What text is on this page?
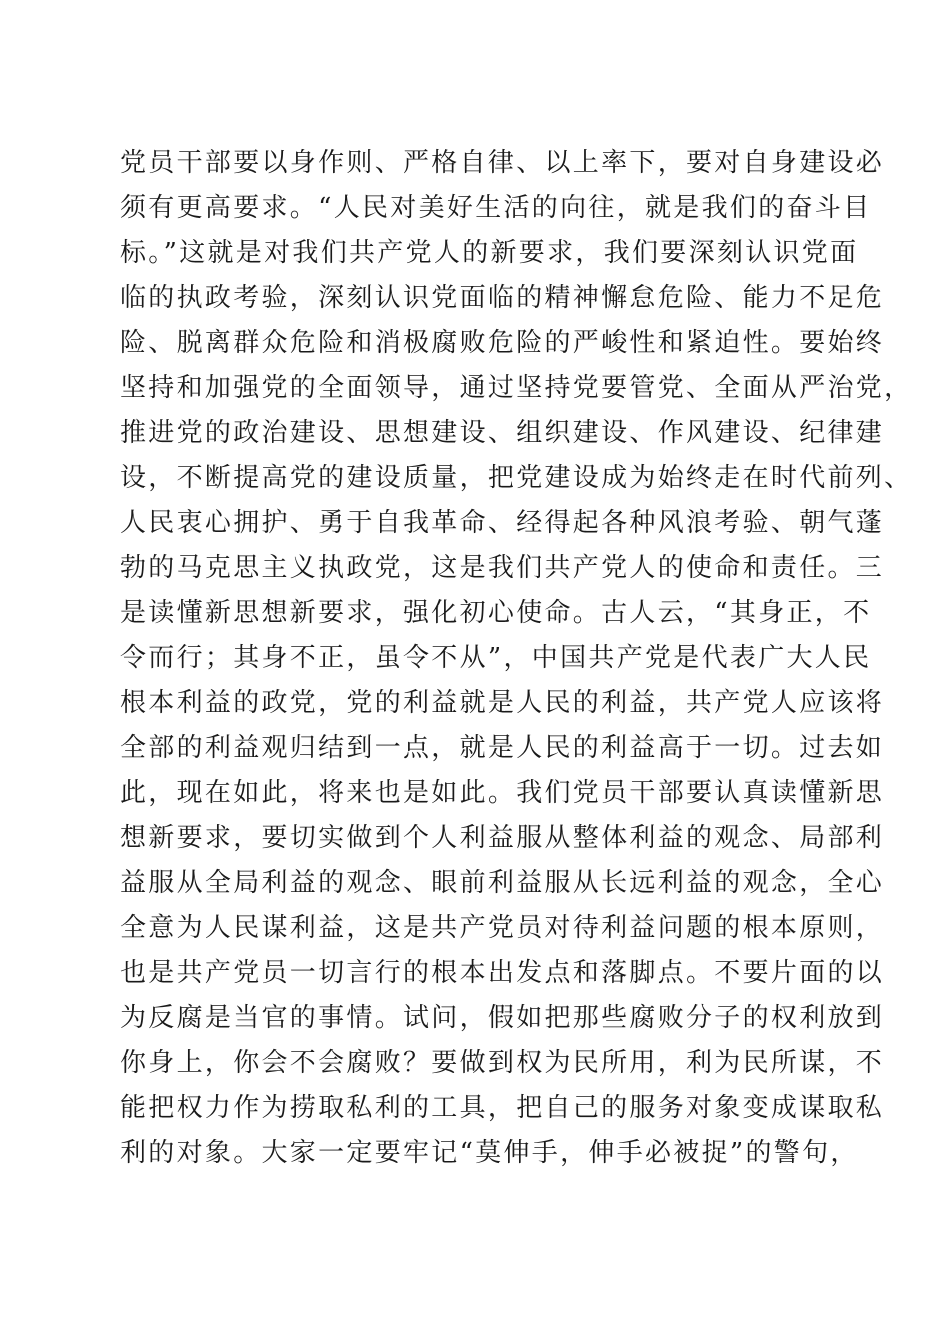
党员干部要以身作则、严格自律、以上率下，要对自身建设必
须有更高要求。“人民对美好生活的向往，就是我们的奋斗目
标。”这就是对我们共产党人的新要求，我们要深刻认识党面
临的执政考验，深刻认识党面临的精神懈怠危险、能力不足危
险、脱离群众危险和消极腐败危险的严峻性和紧迫性。要始终
坚持和加强党的全面领导，通过坚持党要管党、全面从严治党，
推进党的政治建设、思想建设、组织建设、作风建设、纪律建
设，不断提高党的建设质量，把党建设成为始终走在时代前列、
人民衷心拥护、勇于自我革命、经得起各种风浪考验、朝气蓬
勃的马克思主义执政党，这是我们共产党人的使命和责任。三
是读懂新思想新要求，强化初心使命。古人云，“其身正，不
令而行；其身不正，虽令不从”，中国共产党是代表广大人民
根本利益的政党，党的利益就是人民的利益，共产党人应该将
全部的利益观归结到一点，就是人民的利益高于一切。过去如
此，现在如此，将来也是如此。我们党员干部要认真读懂新思
想新要求，要切实做到个人利益服从整体利益的观念、局部利
益服从全局利益的观念、眼前利益服从长远利益的观念，全心
全意为人民谋利益，这是共产党员对待利益问题的根本原则，
也是共产党员一切言行的根本出发点和落脚点。不要片面的以
为反腐是当官的事情。试问，假如把那些腐败分子的权利放到
你身上，你会不会腐败？要做到权为民所用，利为民所谋，不
能把权力作为捞取私利的工具，把自己的服务对象变成谋取私
利的对象。大家一定要牢记“莫伸手，伸手必被捉”的警句，
